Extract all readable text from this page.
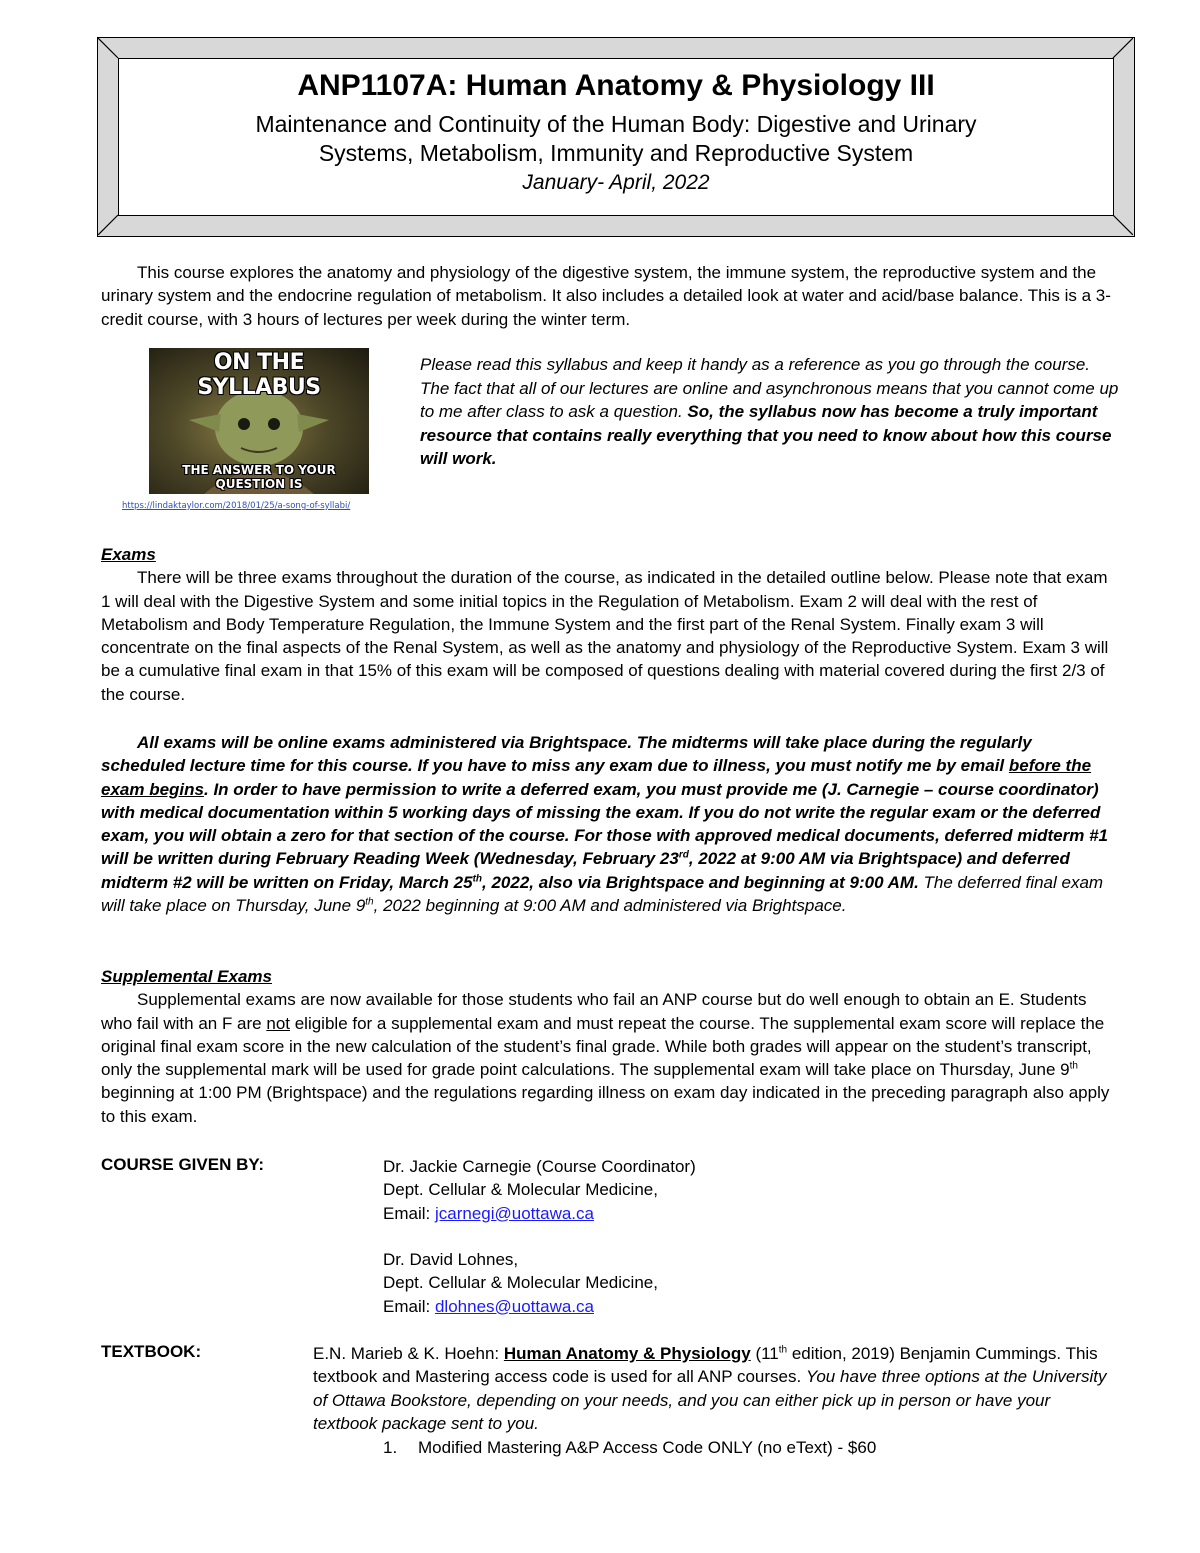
ANP1107A: Human Anatomy & Physiology III
Maintenance and Continuity of the Human Body: Digestive and Urinary
Systems, Metabolism, Immunity and Reproductive System
January- April, 2022
This course explores the anatomy and physiology of the digestive system, the immune system, the reproductive system and the urinary system and the endocrine regulation of metabolism. It also includes a detailed look at water and acid/base balance. This is a 3-credit course, with 3 hours of lectures per week during the winter term.
ON THE SYLLABUS
THE ANSWER TO YOUR QUESTION IS
https://lindaktaylor.com/2018/01/25/a-song-of-syllabi/
Please read this syllabus and keep it handy as a reference as you go through the course. The fact that all of our lectures are online and asynchronous means that you cannot come up to me after class to ask a question. So, the syllabus now has become a truly important resource that contains really everything that you need to know about how this course will work.
Exams
There will be three exams throughout the duration of the course, as indicated in the detailed outline below. Please note that exam 1 will deal with the Digestive System and some initial topics in the Regulation of Metabolism. Exam 2 will deal with the rest of Metabolism and Body Temperature Regulation, the Immune System and the first part of the Renal System. Finally exam 3 will concentrate on the final aspects of the Renal System, as well as the anatomy and physiology of the Reproductive System. Exam 3 will be a cumulative final exam in that 15% of this exam will be composed of questions dealing with material covered during the first 2/3 of the course.
All exams will be online exams administered via Brightspace. The midterms will take place during the regularly scheduled lecture time for this course. If you have to miss any exam due to illness, you must notify me by email before the exam begins. In order to have permission to write a deferred exam, you must provide me (J. Carnegie – course coordinator) with medical documentation within 5 working days of missing the exam. If you do not write the regular exam or the deferred exam, you will obtain a zero for that section of the course. For those with approved medical documents, deferred midterm #1 will be written during February Reading Week (Wednesday, February 23rd, 2022 at 9:00 AM via Brightspace) and deferred midterm #2 will be written on Friday, March 25th, 2022, also via Brightspace and beginning at 9:00 AM. The deferred final exam will take place on Thursday, June 9th, 2022 beginning at 9:00 AM and administered via Brightspace.
Supplemental Exams
Supplemental exams are now available for those students who fail an ANP course but do well enough to obtain an E. Students who fail with an F are not eligible for a supplemental exam and must repeat the course. The supplemental exam score will replace the original final exam score in the new calculation of the student’s final grade. While both grades will appear on the student’s transcript, only the supplemental mark will be used for grade point calculations. The supplemental exam will take place on Thursday, June 9th beginning at 1:00 PM (Brightspace) and the regulations regarding illness on exam day indicated in the preceding paragraph also apply to this exam.
COURSE GIVEN BY:	Dr. Jackie Carnegie (Course Coordinator)
Dept. Cellular & Molecular Medicine,
Email: jcarnegi@uottawa.ca
Dr. David Lohnes,
Dept. Cellular & Molecular Medicine,
Email: dlohnes@uottawa.ca
TEXTBOOK:	E.N. Marieb & K. Hoehn: Human Anatomy & Physiology (11th edition, 2019) Benjamin Cummings. This textbook and Mastering access code is used for all ANP courses. You have three options at the University of Ottawa Bookstore, depending on your needs, and you can either pick up in person or have your textbook package sent to you.
1. Modified Mastering A&P Access Code ONLY (no eText) - $60
